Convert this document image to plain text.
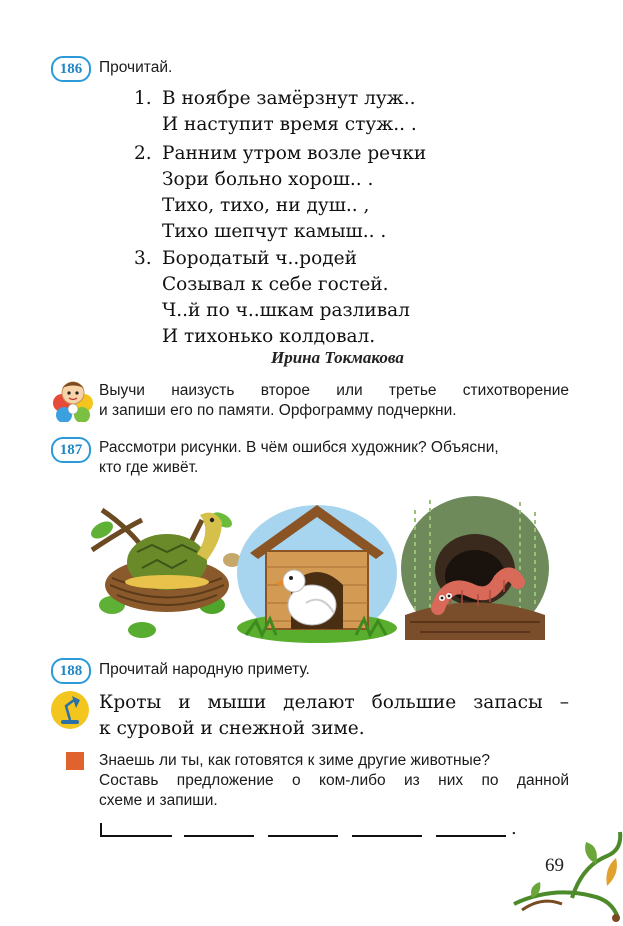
186	Прочитай.
1. В ноябре замёрзнут луж..
И наступит время стуж.. .
2. Ранним утром возле речки
Зори больно хорош.. .
Тихо, тихо, ни душ.. ,
Тихо шепчут камыш.. .
3. Бородатый ч..родей
Созывал к себе гостей.
Ч..й по ч..шкам разливал
И тихонько колдовал.
Ирина Токмакова
Выучи наизусть второе или третье стихотворение
и запиши его по памяти. Орфограмму подчеркни.
187	Рассмотри рисунки. В чём ошибся художник? Объясни,
кто где живёт.
188	Прочитай народную примету.
Кроты и мыши делают большие запасы –
к суровой и снежной зиме.
Знаешь ли ты, как готовятся к зиме другие животные?
Составь предложение о ком-либо из них по данной
схеме и запиши.
.
69
